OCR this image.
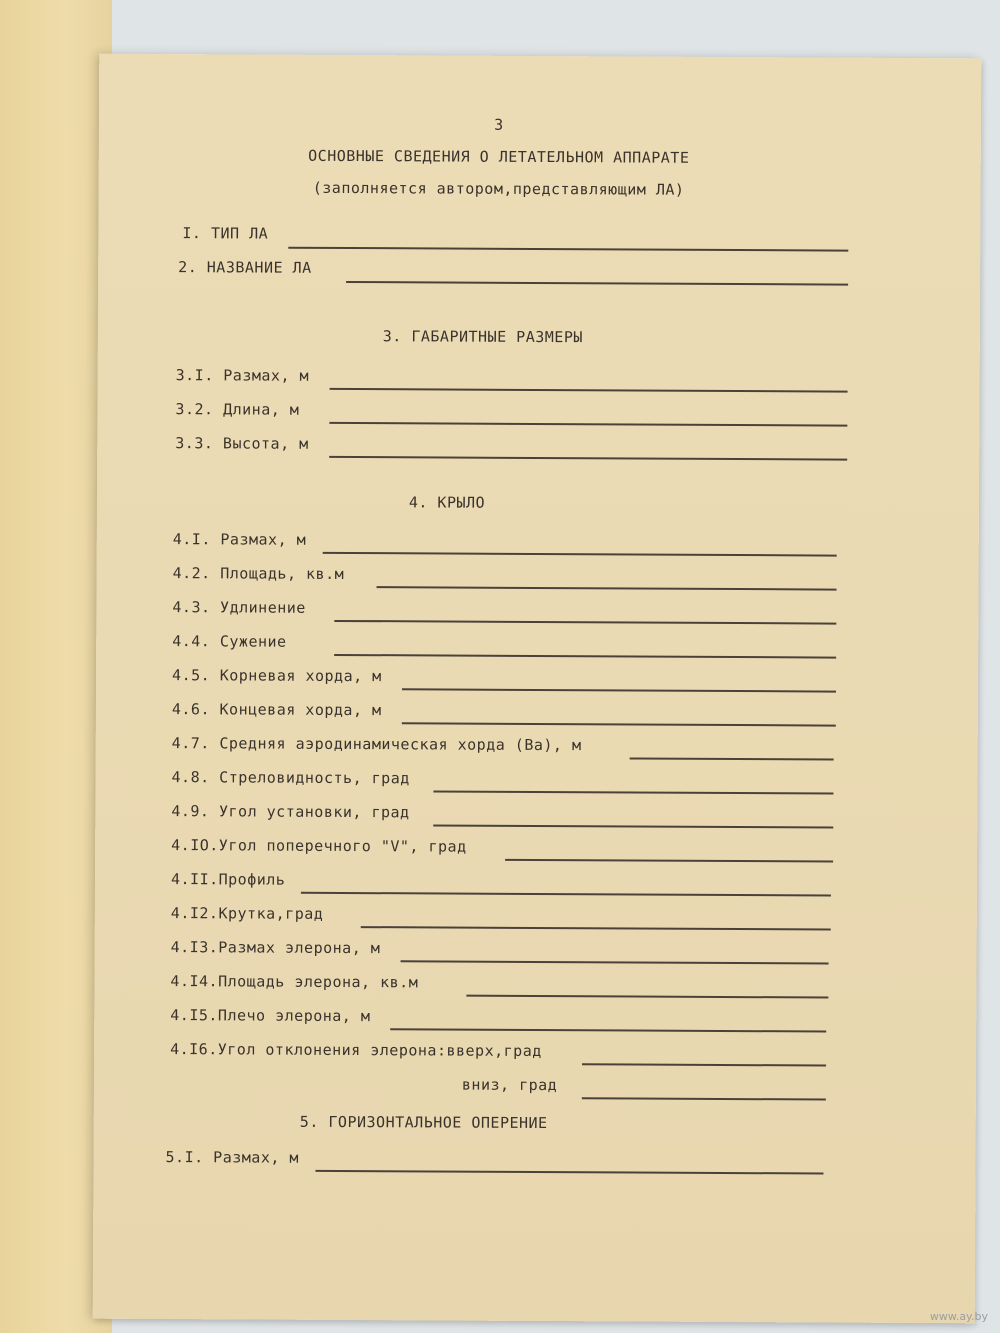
3
ОСНОВНЫЕ СВЕДЕНИЯ О ЛЕТАТЕЛЬНОМ АППАРАТЕ
(заполняется автором,представляющим ЛА)
I. ТИП ЛА
2. НАЗВАНИЕ ЛА
3. ГАБАРИТНЫЕ РАЗМЕРЫ
3.I. Размах, м
3.2. Длина, м
3.3. Высота, м
4. КРЫЛО
4.I. Размах, м
4.2. Площадь, кв.м
4.3. Удлинение
4.4. Сужение
4.5. Корневая хорда, м
4.6. Концевая хорда, м
4.7. Средняя аэродинамическая хорда (Ва), м
4.8. Стреловидность, град
4.9. Угол установки, град
4.IO.Угол поперечного "V", град
4.II.Профиль
4.I2.Крутка,град
4.I3.Размах элерона, м
4.I4.Площадь элерона, кв.м
4.I5.Плечо элерона, м
4.I6.Угол отклонения элерона:вверх,град
вниз, град
5. ГОРИЗОНТАЛЬНОЕ ОПЕРЕНИЕ
5.I. Размах, м
www.ay.by
